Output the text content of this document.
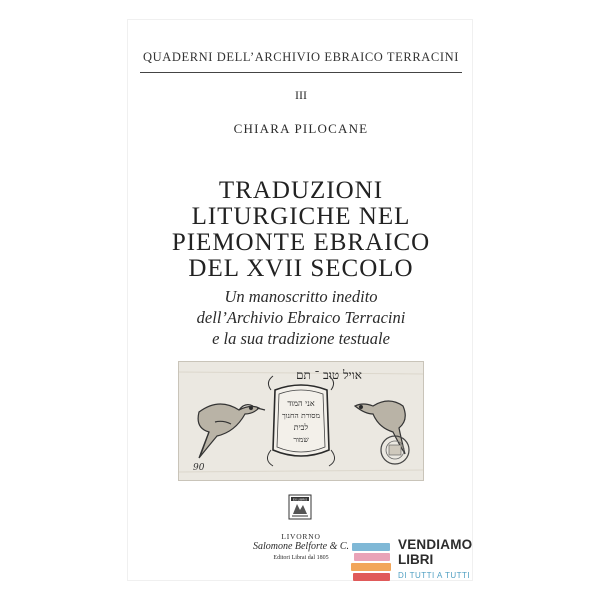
QUADERNI DELL’ARCHIVIO EBRAICO TERRACINI
III
CHIARA PILOCANE
TRADUZIONI
LITURGICHE NEL
PIEMONTE EBRAICO
DEL XVII SECOLO
Un manoscritto inedito
dell’Archivio Ebraico Terracini
e la sua tradizione testuale
אויל טוב ־ תם
אני המוד
מסורת החנוך
לבית
שמור
90
EX LIBRIS
LIVORNO
Salomone Belforte & C.
Editori Librai dal 1805
VENDIAMO
LIBRI
DI TUTTI A TUTTI
